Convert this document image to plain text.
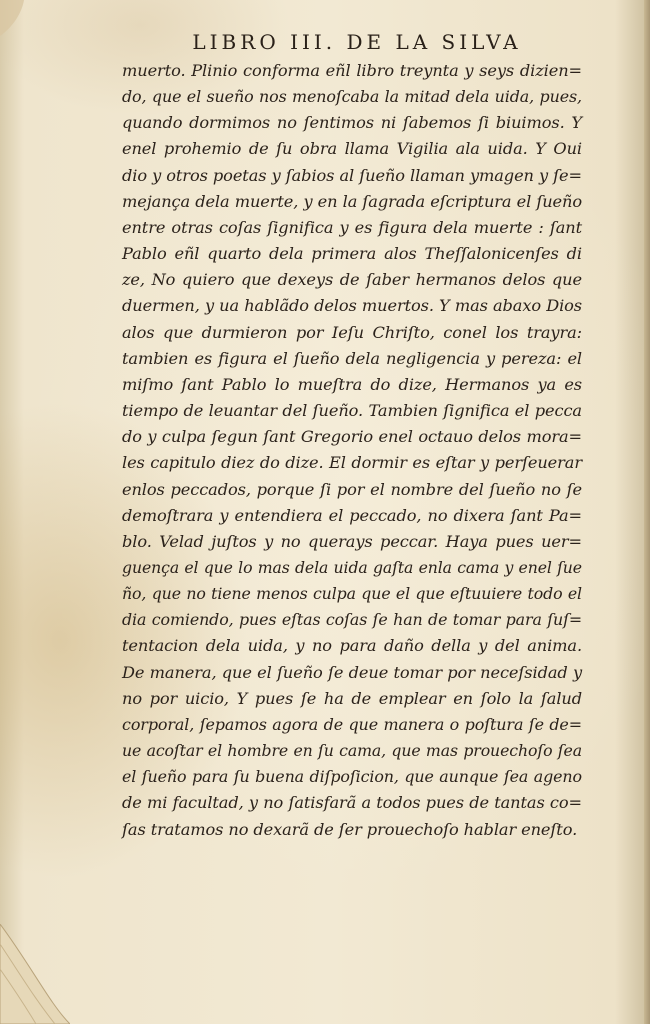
LIBRO III. DE LA SILVA
muerto. Plinio conforma eñl libro treynta y seys dizien=
do, que el sueño nos menoſcaba la mitad dela uida, pues,
quando dormimos no ſentimos ni ſabemos ſi biuimos. Y
enel prohemio de ſu obra llama Vigilia ala uida. Y Oui
dio y otros poetas y ſabios al ſueño llaman ymagen y ſe=
mejança dela muerte, y en la ſagrada eſcriptura el ſueño
entre otras coſas ſignifica y es figura dela muerte : ſant
Pablo eñl quarto dela primera alos Theſſalonicenſes di
ze, No quiero que dexeys de ſaber hermanos delos que
duermen, y ua hablãdo delos muertos. Y mas abaxo Dios
alos que durmieron por Ieſu Chriſto, conel los trayra:
tambien es figura el ſueño dela negligencia y pereza: el
miſmo ſant Pablo lo mueſtra do dize, Hermanos ya es
tiempo de leuantar del ſueño. Tambien ſignifica el pecca
do y culpa ſegun ſant Gregorio enel octauo delos mora=
les capitulo diez do dize. El dormir es eſtar y perſeuerar
enlos peccados, porque ſi por el nombre del ſueño no ſe
demoſtrara y entendiera el peccado, no dixera ſant Pa=
blo. Velad juſtos y no querays peccar. Haya pues uer=
guença el que lo mas dela uida gaſta enla cama y enel ſue
ño, que no tiene menos culpa que el que eſtuuiere todo el
dia comiendo, pues eſtas coſas ſe han de tomar para ſuſ=
tentacion dela uida, y no para daño della y del anima.
De manera, que el ſueño ſe deue tomar por neceſsidad y
no por uicio, Y pues ſe ha de emplear en ſolo la ſalud
corporal, ſepamos agora de que manera o poſtura ſe de=
ue acoſtar el hombre en ſu cama, que mas prouechoſo ſea
el ſueño para ſu buena diſpoſicion, que aunque ſea ageno
de mi facultad, y no ſatisfarã a todos pues de tantas co=
ſas tratamos no dexarã de ſer prouechoſo hablar eneſto.
